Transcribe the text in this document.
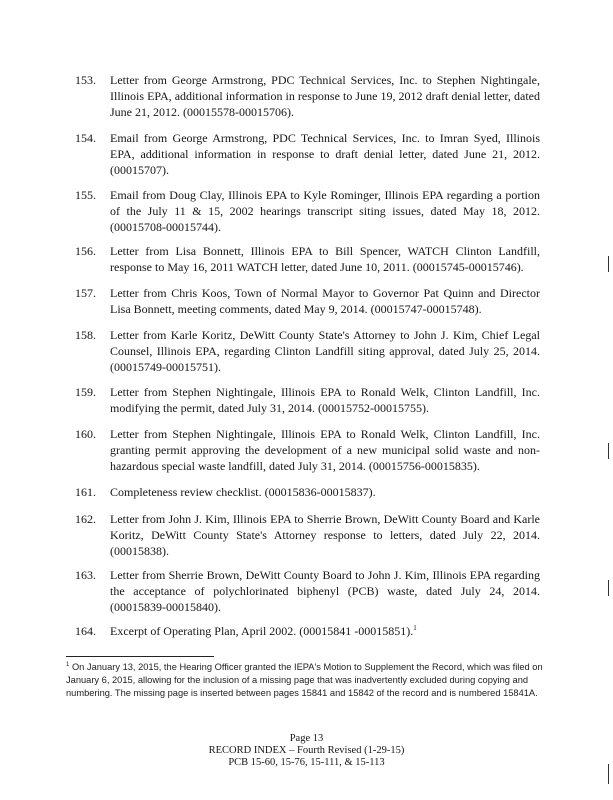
153.	Letter from George Armstrong, PDC Technical Services, Inc. to Stephen Nightingale, Illinois EPA, additional information in response to June 19, 2012 draft denial letter, dated June 21, 2012. (00015578-00015706).
154.	Email from George Armstrong, PDC Technical Services, Inc. to Imran Syed, Illinois EPA, additional information in response to draft denial letter, dated June 21, 2012. (00015707).
155.	Email from Doug Clay, Illinois EPA to Kyle Rominger, Illinois EPA regarding a portion of the July 11 & 15, 2002 hearings transcript siting issues, dated May 18, 2012. (00015708-00015744).
156.	Letter from Lisa Bonnett, Illinois EPA to Bill Spencer, WATCH Clinton Landfill, response to May 16, 2011 WATCH letter, dated June 10, 2011. (00015745-00015746).
157.	Letter from Chris Koos, Town of Normal Mayor to Governor Pat Quinn and Director Lisa Bonnett, meeting comments, dated May 9, 2014. (00015747-00015748).
158.	Letter from Karle Koritz, DeWitt County State's Attorney to John J. Kim, Chief Legal Counsel, Illinois EPA, regarding Clinton Landfill siting approval, dated July 25, 2014. (00015749-00015751).
159.	Letter from Stephen Nightingale, Illinois EPA to Ronald Welk, Clinton Landfill, Inc. modifying the permit, dated July 31, 2014. (00015752-00015755).
160.	Letter from Stephen Nightingale, Illinois EPA to Ronald Welk, Clinton Landfill, Inc. granting permit approving the development of a new municipal solid waste and non-hazardous special waste landfill, dated July 31, 2014. (00015756-00015835).
161.	Completeness review checklist. (00015836-00015837).
162.	Letter from John J. Kim, Illinois EPA to Sherrie Brown, DeWitt County Board and Karle Koritz, DeWitt County State's Attorney response to letters, dated July 22, 2014. (00015838).
163.	Letter from Sherrie Brown, DeWitt County Board to John J. Kim, Illinois EPA regarding the acceptance of polychlorinated biphenyl (PCB) waste, dated July 24, 2014. (00015839-00015840).
164.	Excerpt of Operating Plan, April 2002. (00015841 -00015851).$^1$
$^1$ On January 13, 2015, the Hearing Officer granted the IEPA's Motion to Supplement the Record, which was filed on January 6, 2015, allowing for the inclusion of a missing page that was inadvertently excluded during copying and numbering. The missing page is inserted between pages 15841 and 15842 of the record and is numbered 15841A.
Page 13
RECORD INDEX – Fourth Revised (1-29-15)
PCB 15-60, 15-76, 15-111, & 15-113
